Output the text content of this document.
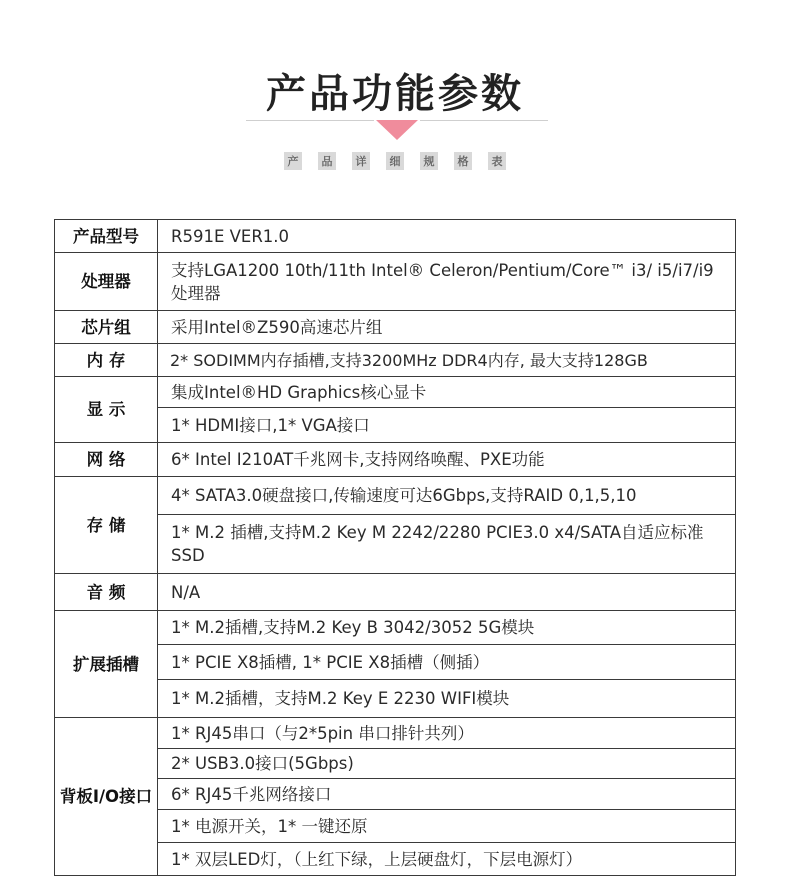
产品功能参数
产	品	详	细	规	格	表
产品型号	R591E VER1.0
处理器	支持LGA1200 10th/11th Intel® Celeron/Pentium/Core™ i3/ i5/i7/i9 处理器
芯片组	采用Intel®Z590高速芯片组
内 存	2* SODIMM内存插槽,支持3200MHz DDR4内存, 最大支持128GB
显 示	集成Intel®HD Graphics核心显卡
	1* HDMI接口,1* VGA接口
网 络	6* Intel I210AT千兆网卡,支持网络唤醒、PXE功能
存 储	4* SATA3.0硬盘接口,传输速度可达6Gbps,支持RAID 0,1,5,10
	1* M.2 插槽,支持M.2 Key M 2242/2280 PCIE3.0 x4/SATA自适应标准SSD
音 频	N/A
扩展插槽	1* M.2插槽,支持M.2 Key B 3042/3052 5G模块
	1* PCIE X8插槽, 1* PCIE X8插槽（侧插）
	1* M.2插槽，支持M.2 Key E 2230 WIFI模块
背板I/O接口	1* RJ45串口（与2*5pin 串口排针共列）
	2* USB3.0接口(5Gbps)
	6* RJ45千兆网络接口
	1* 电源开关，1* 一键还原
	1* 双层LED灯，（上红下绿，上层硬盘灯，下层电源灯）
